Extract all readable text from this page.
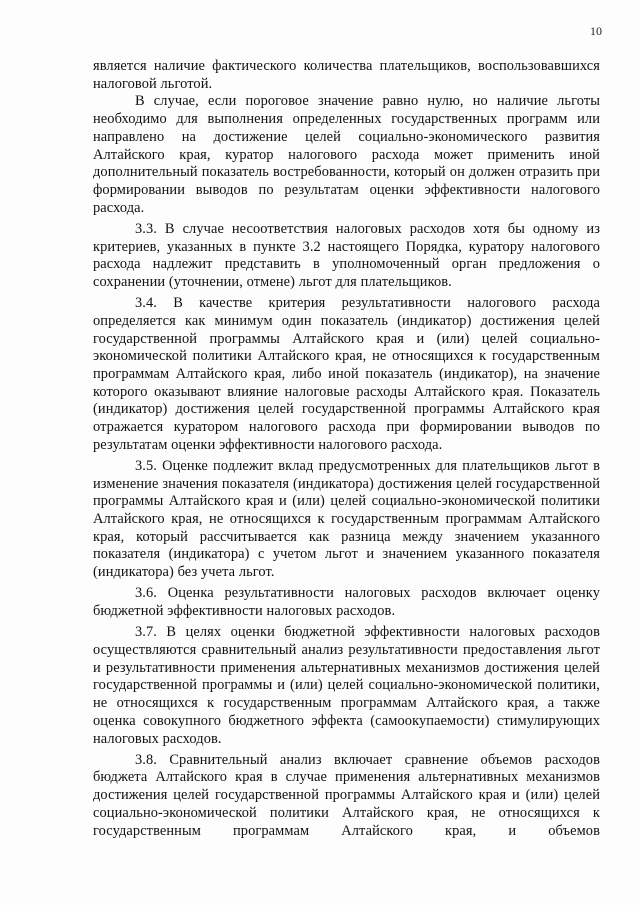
10

является наличие фактического количества плательщиков, воспользовавшихся налоговой льготой.

В случае, если пороговое значение равно нулю, но наличие льготы необходимо для выполнения определенных государственных программ или направлено на достижение целей социально-экономического развития Алтайского края, куратор налогового расхода может применить иной дополнительный показатель востребованности, который он должен отразить при формировании выводов по результатам оценки эффективности налогового расхода.

3.3. В случае несоответствия налоговых расходов хотя бы одному из критериев, указанных в пункте 3.2 настоящего Порядка, куратору налогового расхода надлежит представить в уполномоченный орган предложения о сохранении (уточнении, отмене) льгот для плательщиков.

3.4. В качестве критерия результативности налогового расхода определяется как минимум один показатель (индикатор) достижения целей государственной программы Алтайского края и (или) целей социально-экономической политики Алтайского края, не относящихся к государственным программам Алтайского края, либо иной показатель (индикатор), на значение которого оказывают влияние налоговые расходы Алтайского края. Показатель (индикатор) достижения целей государственной программы Алтайского края отражается куратором налогового расхода при формировании выводов по результатам оценки эффективности налогового расхода.

3.5. Оценке подлежит вклад предусмотренных для плательщиков льгот в изменение значения показателя (индикатора) достижения целей государственной программы Алтайского края и (или) целей социально-экономической политики Алтайского края, не относящихся к государственным программам Алтайского края, который рассчитывается как разница между значением указанного показателя (индикатора) с учетом льгот и значением указанного показателя (индикатора) без учета льгот.

3.6. Оценка результативности налоговых расходов включает оценку бюджетной эффективности налоговых расходов.

3.7. В целях оценки бюджетной эффективности налоговых расходов осуществляются сравнительный анализ результативности предоставления льгот и результативности применения альтернативных механизмов достижения целей государственной программы и (или) целей социально-экономической политики, не относящихся к государственным программам Алтайского края, а также оценка совокупного бюджетного эффекта (самоокупаемости) стимулирующих налоговых расходов.

3.8. Сравнительный анализ включает сравнение объемов расходов бюджета Алтайского края в случае применения альтернативных механизмов достижения целей государственной программы Алтайского края и (или) целей социально-экономической политики Алтайского края, не относящихся к государственным программам Алтайского края, и объемов
